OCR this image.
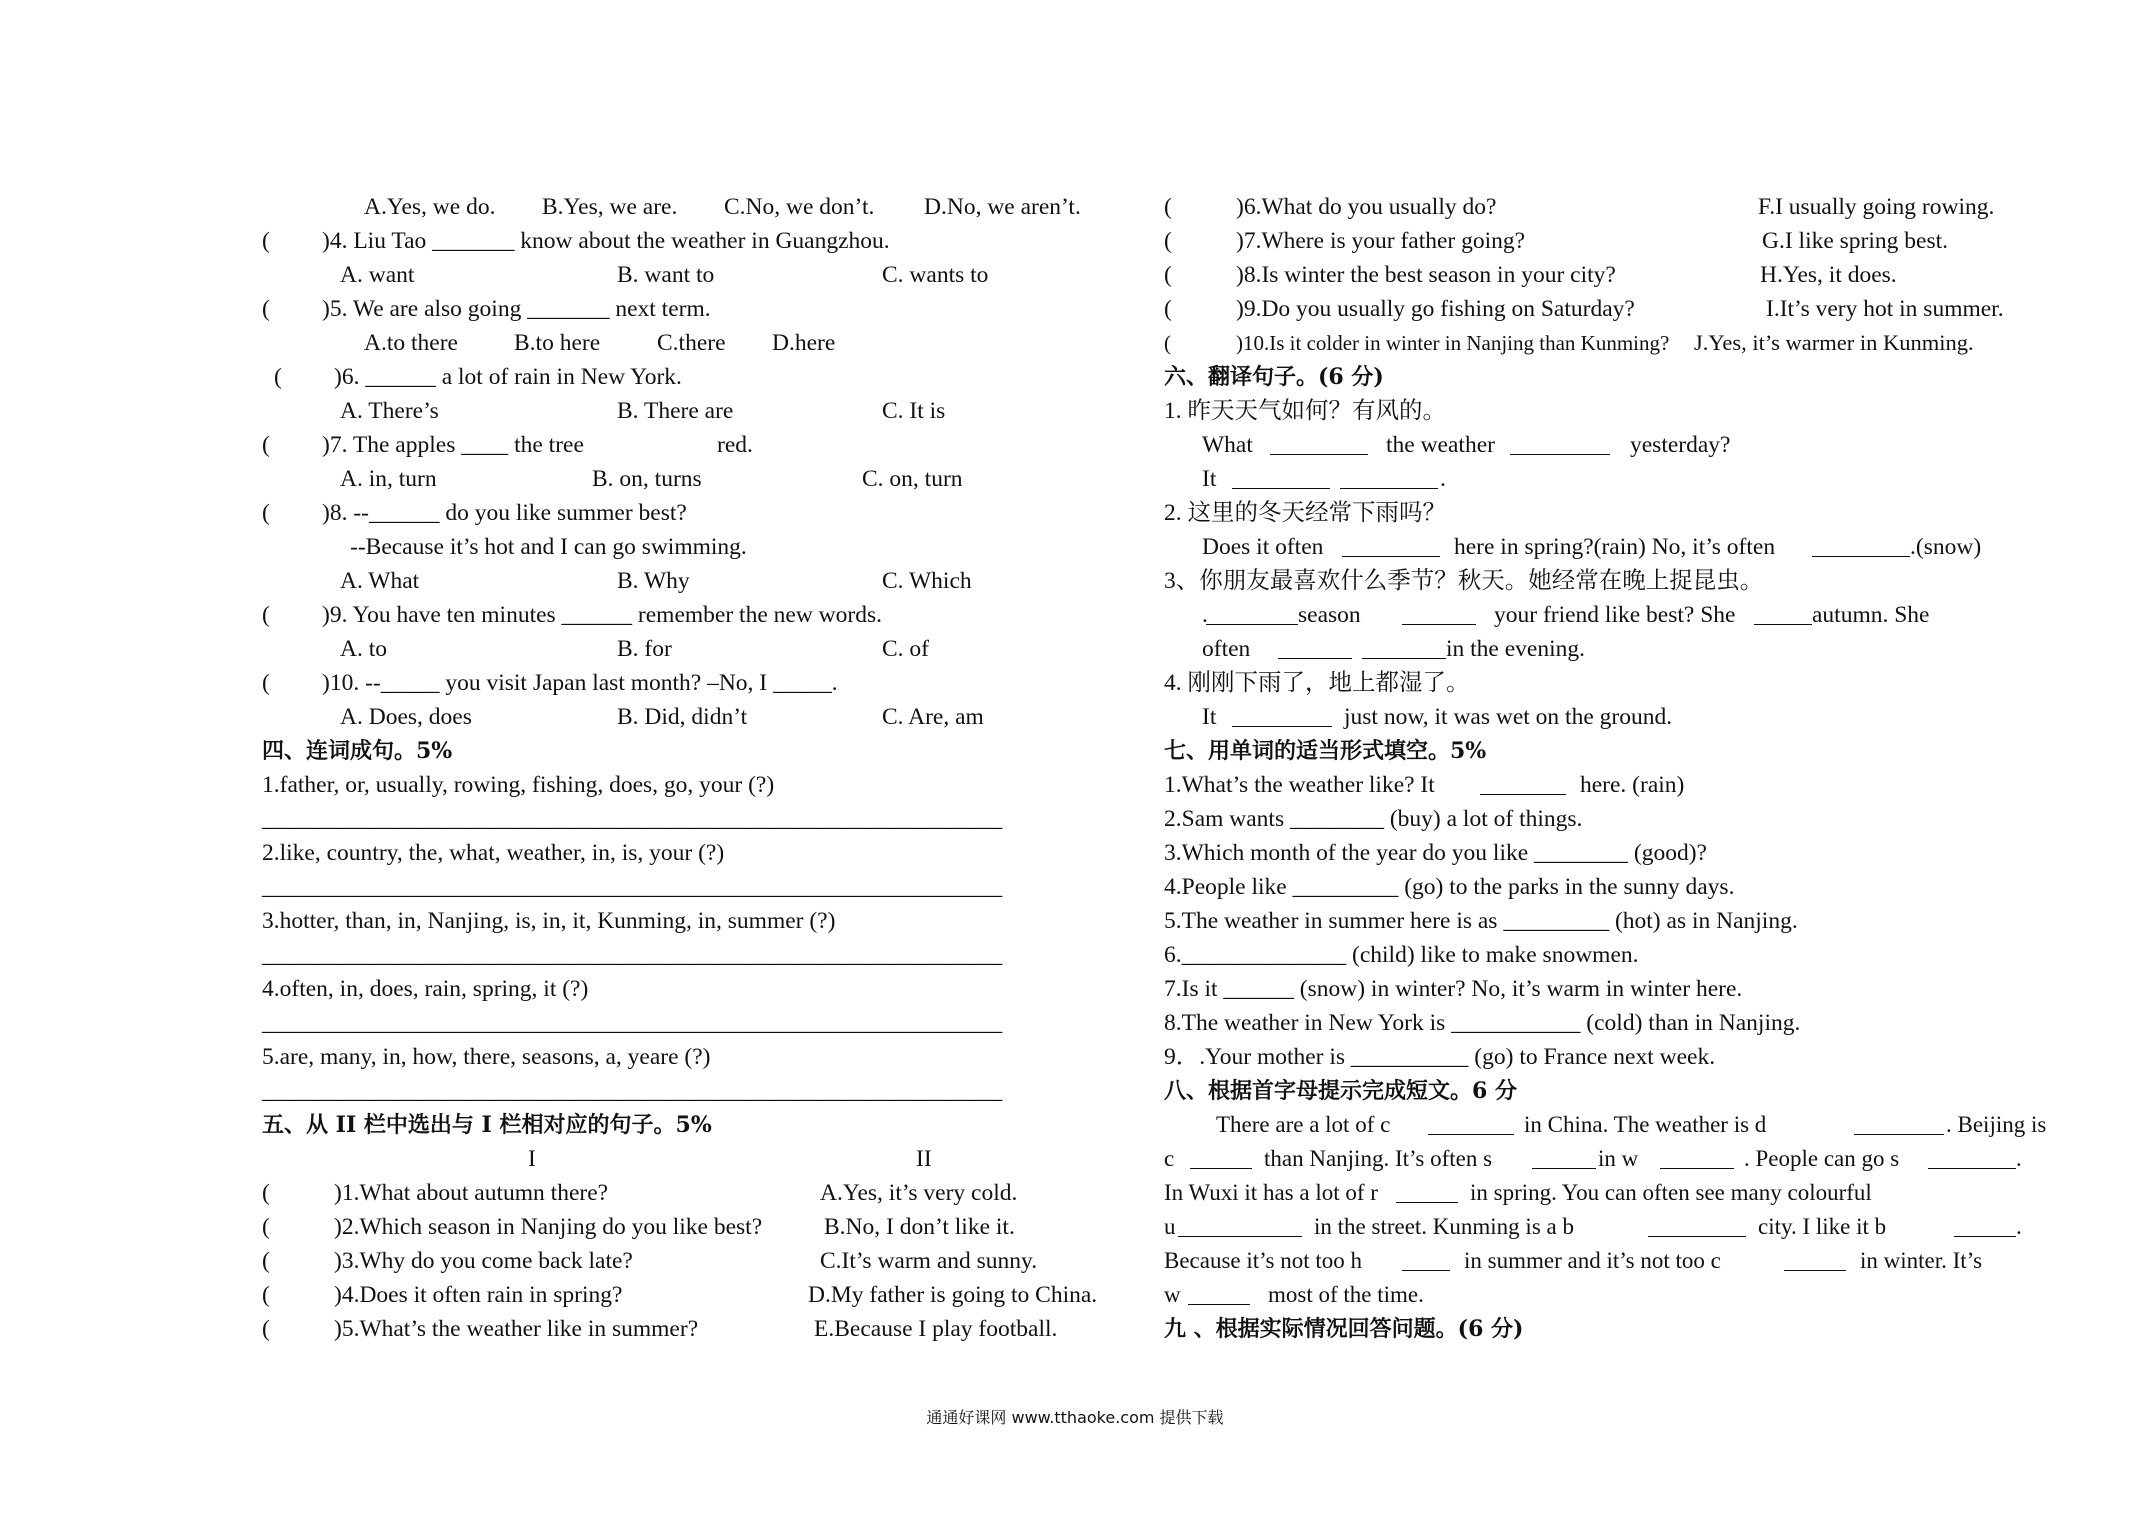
A.Yes, we do. B.Yes, we are. C.No, we don’t. D.No, we aren’t.
( )4. Liu Tao _______ know about the weather in Guangzhou.
A. want	B. want to	C. wants to
( )5. We are also going _______ next term.
A.to there B.to here C.there D.here
( )6. ______ a lot of rain in New York.
A. There’s	B. There are	C. It is
( )7. The apples ____ the tree	red.
A. in, turn	B. on, turns	C. on, turn
( )8. --______ do you like summer best?
--Because it’s hot and I can go swimming.
A. What	B. Why	C. Which
( )9. You have ten minutes ______ remember the new words.
A. to	B. for	C. of
( )10. --_____ you visit Japan last month? –No, I _____.
A. Does, does	B. Did, didn’t	C. Are, am
四、连词成句。5%
1.father, or, usually, rowing, fishing, does, go, your (?)
_______________________________________________________________
2.like, country, the, what, weather, in, is, your (?)
_______________________________________________________________
3.hotter, than, in, Nanjing, is, in, it, Kunming, in, summer (?)
_______________________________________________________________
4.often, in, does, rain, spring, it (?)
_______________________________________________________________
5.are, many, in, how, there, seasons, a, yeare (?)
_______________________________________________________________
五、从 II 栏中选出与 I 栏相对应的句子。5%
I	II
(	)1.What about autumn there?	A.Yes, it’s very cold.
(	)2.Which season in Nanjing do you like best?	B.No, I don’t like it.
(	)3.Why do you come back late?	C.It’s warm and sunny.
(	)4.Does it often rain in spring?	D.My father is going to China.
(	)5.What’s the weather like in summer?	E.Because I play football.
(	)6.What do you usually do?	F.I usually going rowing.
(	)7.Where is your father going?	G.I like spring best.
(	)8.Is winter the best season in your city?	H.Yes, it does.
(	)9.Do you usually go fishing on Saturday?	I.It’s very hot in summer.
(	)10.Is it colder in winter in Nanjing than Kunming? J.Yes, it’s warmer in Kunming.
六、翻译句子。(6 分)
1. 昨天天气如何？有风的。
What	the weather	yesterday?
It	.
2. 这里的冬天经常下雨吗？
Does it often	here in spring?(rain) No, it’s often	.(snow)
3、你朋友最喜欢什么季节？秋天。她经常在晚上捉昆虫。
.	season	your friend like best? She	autumn. She
often	in the evening.
4. 刚刚下雨了，地上都湿了。
It	just now, it was wet on the ground.
七、用单词的适当形式填空。5%
1.What’s the weather like? It	here. (rain)
2.Sam wants ________ (buy) a lot of things.
3.Which month of the year do you like ________ (good)?
4.People like _________ (go) to the parks in the sunny days.
5.The weather in summer here is as _________ (hot) as in Nanjing.
6.______________ (child) like to make snowmen.
7.Is it ______ (snow) in winter? No, it’s warm in winter here.
8.The weather in New York is ___________ (cold) than in Nanjing.
9．.Your mother is __________ (go) to France next week.
八、根据首字母提示完成短文。6 分
There are a lot of c	in China. The weather is d	. Beijing is
c	than Nanjing. It’s often s	in w	. People can go s	.
In Wuxi it has a lot of r	in spring. You can often see many colourful
u	in the street. Kunming is a b	city. I like it b	.
Because it’s not too h	in summer and it’s not too c	in winter. It’s
w	most of the time.
九 、根据实际情况回答问题。(6 分)
通通好课网 www.tthaoke.com 提供下载
